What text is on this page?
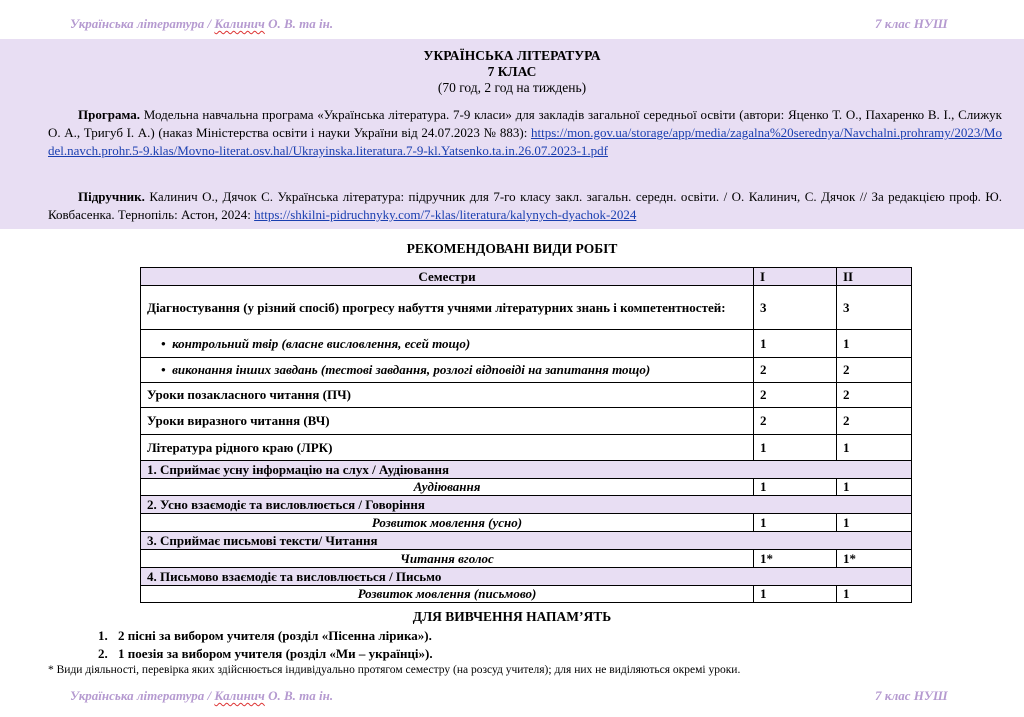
Українська література / Калинич О. В. та ін.	7 клас НУШ
УКРАЇНСЬКА ЛІТЕРАТУРА
7 КЛАС
(70 год, 2 год на тиждень)
Програма. Модельна навчальна програма «Українська література. 7-9 класи» для закладів загальної середньої освіти (автори: Яценко Т. О., Пахаренко В. І., Слижук О. А., Тригуб І. А.) (наказ Міністерства освіти і науки України від 24.07.2023 № 883): https://mon.gov.ua/storage/app/media/zagalna%20serednya/Navchalni.prohramy/2023/Model.navch.prohr.5-9.klas/Movno-literat.osv.hal/Ukrayinska.literatura.7-9-kl.Yatsenko.ta.in.26.07.2023-1.pdf
Підручник. Калинич О., Дячок С. Українська література: підручник для 7-го класу закл. загальн. середн. освіти. / О. Калинич, С. Дячок // За редакцією проф. Ю. Ковбасенка. Тернопіль: Астон, 2024: https://shkilni-pidruchnyky.com/7-klas/literatura/kalynych-dyachok-2024
РЕКОМЕНДОВАНІ ВИДИ РОБІТ
Семестри	I	II
Діагностування (у різний спосіб) прогресу набуття учнями літературних знань і компетентностей:	3	3
•  контрольний твір (власне висловлення, есей тощо)	1	1
•  виконання інших завдань (тестові завдання, розлогі відповіді на запитання тощо)	2	2
Уроки позакласного читання (ПЧ)	2	2
Уроки виразного читання (ВЧ)	2	2
Література рідного краю (ЛРК)	1	1
1. Сприймає усну інформацію на слух / Аудіювання		
Аудіювання	1	1
2. Усно взаємодіє та висловлюється / Говоріння		
Розвиток мовлення (усно)	1	1
3. Сприймає письмові тексти/ Читання		
Читання вголос	1*	1*
4. Письмово взаємодіє та висловлюється / Письмо		
Розвиток мовлення (письмово)	1	1
ДЛЯ ВИВЧЕННЯ НАПАМ’ЯТЬ
1. 2 пісні за вибором учителя (розділ «Пісенна лірика»).
2. 1 поезія за вибором учителя (розділ «Ми – українці»).
* Види діяльності, перевірка яких здійснюється індивідуально протягом семестру (на розсуд учителя); для них не виділяються окремі уроки.
Українська література / Калинич О. В. та ін.	7 клас НУШ
